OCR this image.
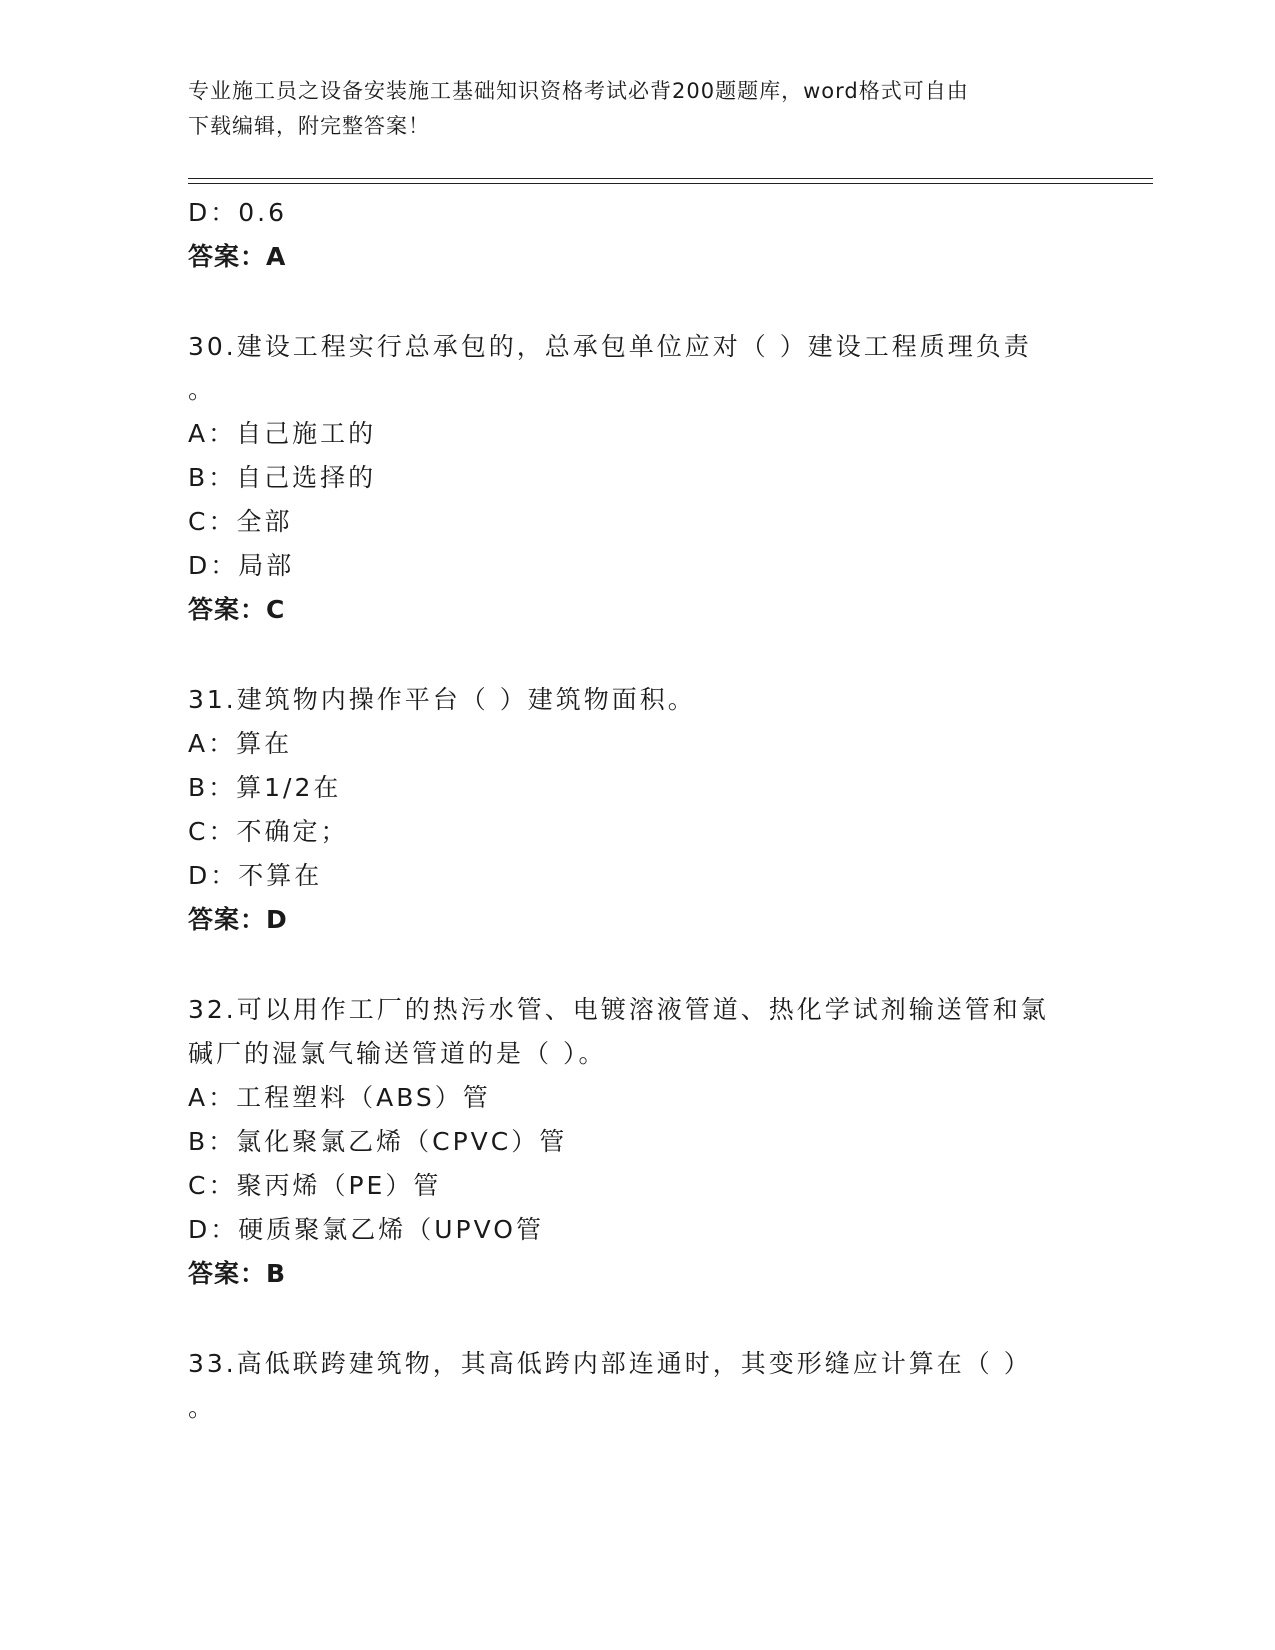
专业施工员之设备安装施工基础知识资格考试必背200题题库，word格式可自由
下载编辑，附完整答案！
D：0.6
答案：A
30.建设工程实行总承包的，总承包单位应对（ ）建设工程质理负责
。
A：自己施工的
B：自己选择的
C：全部
D：局部
答案：C
31.建筑物内操作平台（ ）建筑物面积。
A：算在
B：算1/2在
C：不确定；
D：不算在
答案：D
32.可以用作工厂的热污水管、电镀溶液管道、热化学试剂输送管和氯
碱厂的湿氯气输送管道的是（ ）。
A：工程塑料（ABS）管
B：氯化聚氯乙烯（CPVC）管
C：聚丙烯（PE）管
D：硬质聚氯乙烯（UPVO管
答案：B
33.高低联跨建筑物，其高低跨内部连通时，其变形缝应计算在（ ）
。
